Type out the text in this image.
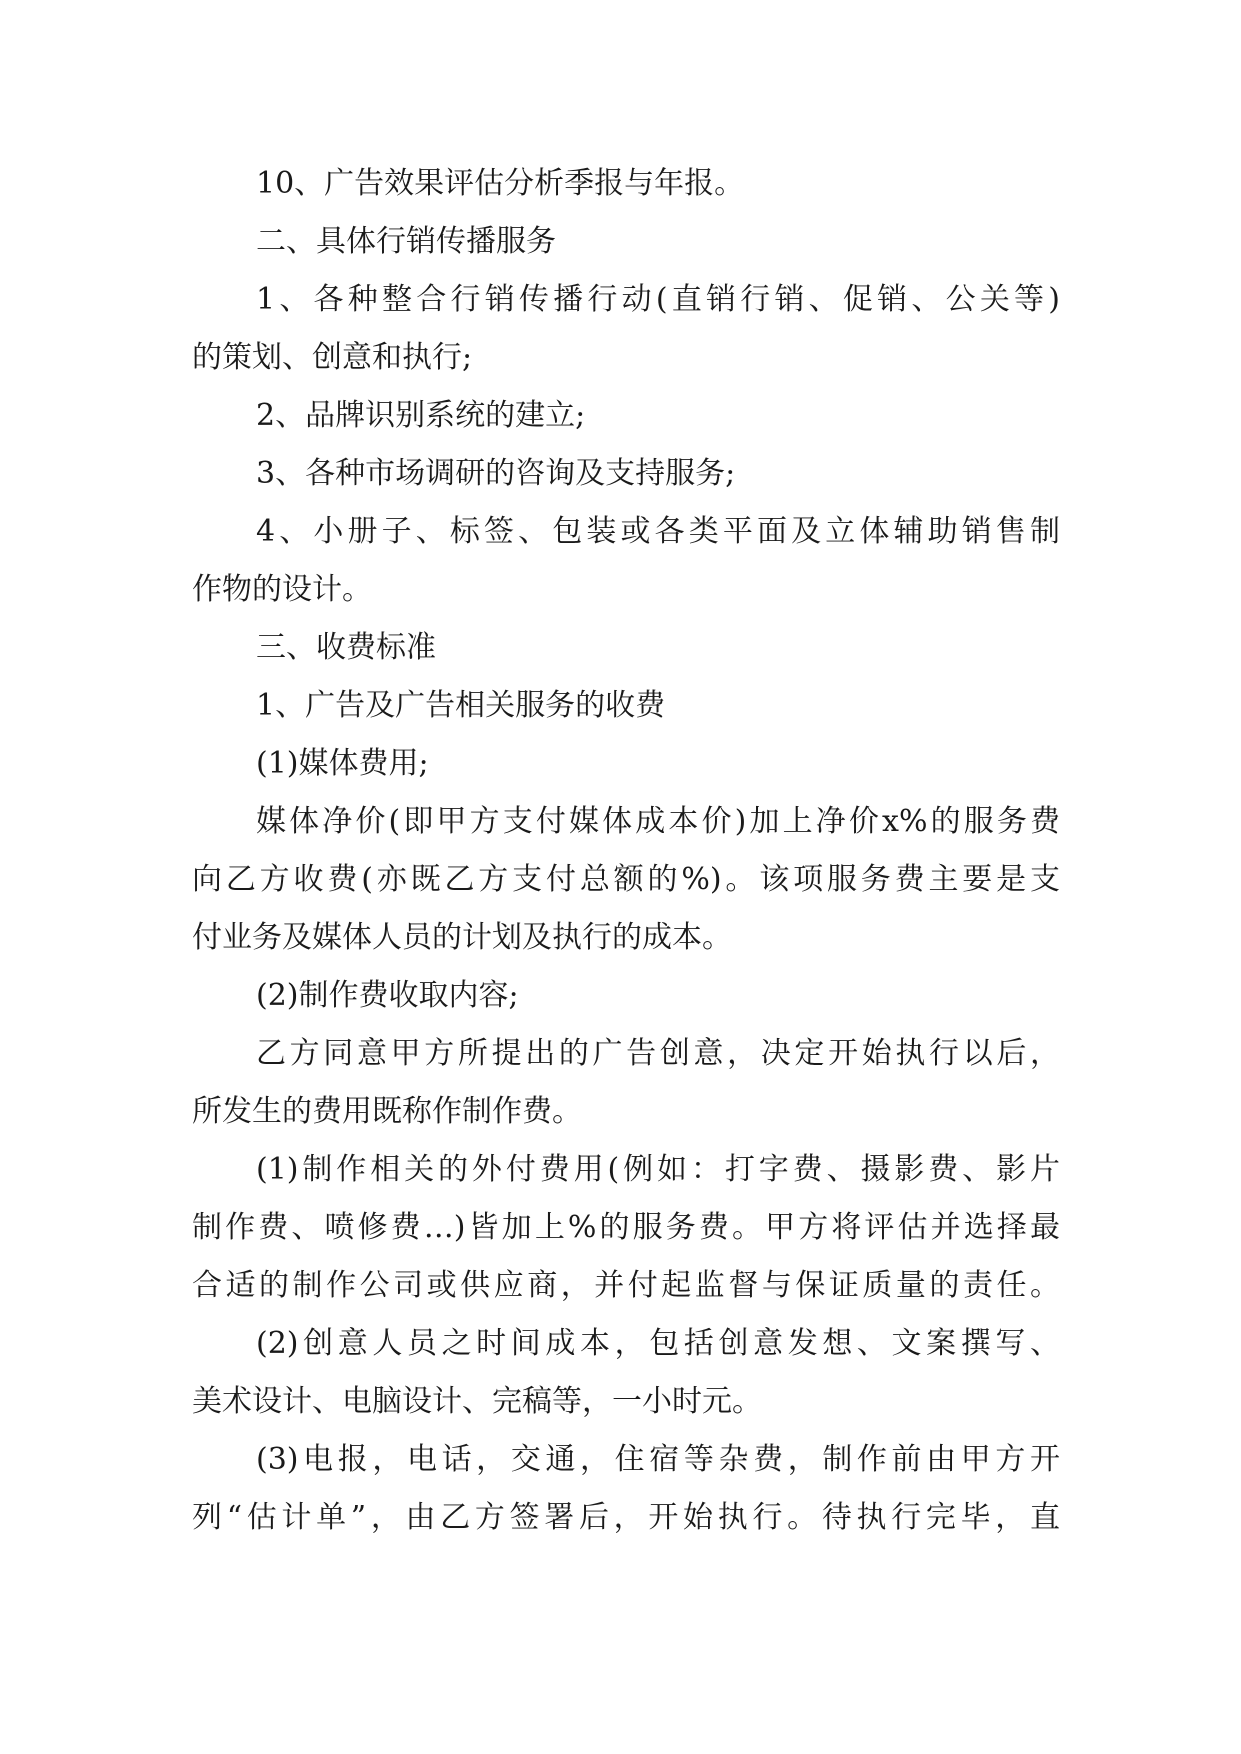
10、广告效果评估分析季报与年报。
二、具体行销传播服务
1、各种整合行销传播行动(直销行销、促销、公关等)
的策划、创意和执行;
2、品牌识别系统的建立;
3、各种市场调研的咨询及支持服务;
4、小册子、标签、包装或各类平面及立体辅助销售制
作物的设计。
三、收费标准
1、广告及广告相关服务的收费
(1)媒体费用;
媒体净价(即甲方支付媒体成本价)加上净价x%的服务费
向乙方收费(亦既乙方支付总额的%)。该项服务费主要是支
付业务及媒体人员的计划及执行的成本。
(2)制作费收取内容;
乙方同意甲方所提出的广告创意，决定开始执行以后，
所发生的费用既称作制作费。
(1)制作相关的外付费用(例如：打字费、摄影费、影片
制作费、喷修费…)皆加上%的服务费。甲方将评估并选择最
合适的制作公司或供应商，并付起监督与保证质量的责任。
(2)创意人员之时间成本，包括创意发想、文案撰写、
美术设计、电脑设计、完稿等，一小时元。
(3)电报，电话，交通，住宿等杂费，制作前由甲方开
列“估计单”，由乙方签署后，开始执行。待执行完毕，直
